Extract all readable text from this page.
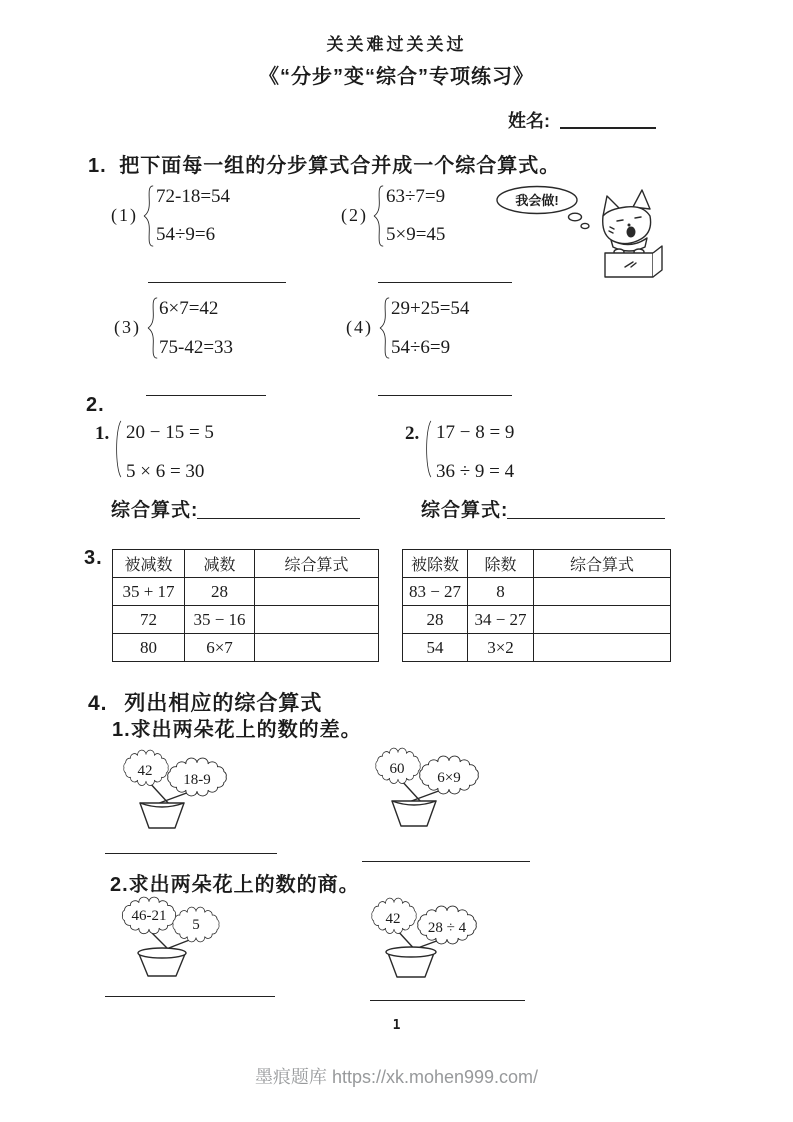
关关难过关关过
《“分步”变“综合”专项练习》
姓名:
1. 把下面每一组的分步算式合并成一个综合算式。
(1)
72-18=54
54÷9=6
(2)
63÷7=9
5×9=45
我会做!
(3)
6×7=42
75-42=33
(4)
29+25=54
54÷6=9
2.
1. 20 − 15 = 5
5 × 6 = 30
综合算式:
2. 17 − 8 = 9
36 ÷ 9 = 4
综合算式:
3. 被减数	减数	综合算式
35 + 17	28	
72	35 − 16	
80	6×7	
被除数	除数	综合算式
83 − 27	8	
28	34 − 27	
54	3×2	
4. 列出相应的综合算式
1.求出两朵花上的数的差。
42
18-9
60
6×9
2.求出两朵花上的数的商。
46-21
5	42
28 ÷ 4
1
墨痕题库 https://xk.mohen999.com/
